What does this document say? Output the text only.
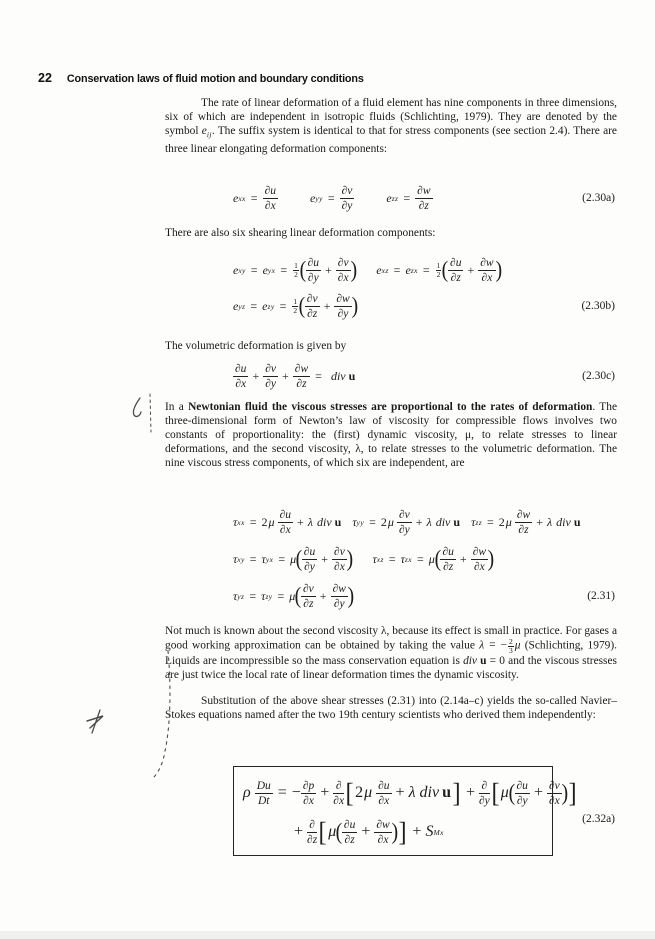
22 Conservation laws of fluid motion and boundary conditions
The rate of linear deformation of a fluid element has nine components in three dimensions, six of which are independent in isotropic fluids (Schlichting, 1979). They are denoted by the symbol $e_{ij}$. The suffix system is identical to that for stress components (see section 2.4). There are three linear elongating deformation components:
e xx = $\frac{\partial u}{\partial x}$	e yy = $\frac{\partial v}{\partial y}$	e zz = $\frac{\partial w}{\partial z}$	(2.30a)
There are also six shearing linear deformation components:
e xy = e yx = $\frac{1}{2}$ ( $\frac{\partial u}{\partial y} + \frac{\partial v}{\partial x}$ ) e xz = e zx = $\frac{1}{2}$ ( $\frac{\partial u}{\partial z} + \frac{\partial w}{\partial x}$ )
e yz = e zy = $\frac{1}{2}$ ( $\frac{\partial v}{\partial z} + \frac{\partial w}{\partial y}$ )	(2.30b)
The volumetric deformation is given by
$\frac{\partial u}{\partial x} + \frac{\partial v}{\partial y} + \frac{\partial w}{\partial z}$ = div u	(2.30c)
In a Newtonian fluid the viscous stresses are proportional to the rates of deformation. The three-dimensional form of Newton’s law of viscosity for compressible flows involves two constants of proportionality: the (first) dynamic viscosity, μ, to relate stresses to linear deformations, and the second viscosity, λ, to relate stresses to the volumetric deformation. The nine viscous stress components, of which six are independent, are
τ xx = 2 μ
$\frac{\partial u}{\partial x} + \lambda$ div u τ yy = 2 μ
$\frac{\partial v}{\partial y} + \lambda$ div u τ zz = 2 μ
$\frac{\partial w}{\partial z} + \lambda$ div u
τ xy = τ yx = μ ( $\frac{\partial u}{\partial y} + \frac{\partial v}{\partial x}$ ) τ xz = τ zx = μ ( $\frac{\partial u}{\partial z} + \frac{\partial w}{\partial x}$ )
τ yz = τ zy = μ ( $\frac{\partial v}{\partial z} + \frac{\partial w}{\partial y}$ )	(2.31)
Not much is known about the second viscosity λ, because its effect is small in practice. For gases a good working approximation can be obtained by taking the value λ = − $\frac{2}{3}$ μ (Schlichting, 1979). Liquids are incompressible so the mass conservation equation is div u = 0 and the viscous stresses are just twice the local rate of linear deformation times the dynamic viscosity.
Substitution of the above shear stresses (2.31) into (2.14a–c) yields the so-called Navier–Stokes equations named after the two 19th century scientists who derived them independently:
ρ
$\frac{Du}{Dt}$ = − $\frac{\partial p}{\partial x} + \frac{\partial}{\partial x}$ [ 2 μ
$\frac{\partial u}{\partial x} + \lambda$ div u ] + $\frac{\partial}{\partial y}$ [ μ ( $\frac{\partial u}{\partial y} + \frac{\partial v}{\partial x}$ ) ]
+ $\frac{\partial}{\partial z}$ [ μ ( $\frac{\partial u}{\partial z} + \frac{\partial w}{\partial x}$ ) ] + S Mx
(2.32a)
